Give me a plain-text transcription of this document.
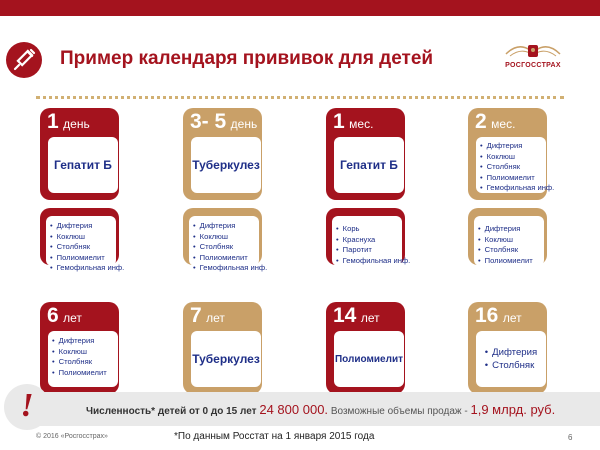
Пример календаря прививок для детей	РОСГОССТРАХ
1 день
Гепатит Б
3- 5 день
Туберкулез
1 мес.
Гепатит Б
2 мес.
• Дифтерия
• Коклюш
• Столбняк
• Полиомиелит
• Гемофильная инф.
• Дифтерия
• Коклюш
• Столбняк
• Полиомиелит
• Гемофильная инф.
• Дифтерия
• Коклюш
• Столбняк
• Полиомиелит
• Гемофильная инф.
• Корь
• Краснуха
• Паротит
• Гемофильная инф.
• Дифтерия
• Коклюш
• Столбняк
• Полиомиелит
6 лет
• Дифтерия
• Коклюш
• Столбняк
• Полиомиелит
7 лет
Туберкулез
14 лет
Полиомиелит
16 лет
• Дифтерия
• Столбняк
!	Численность* детей от 0 до 15 лет 24 800 000. Возможные объемы продаж - 1,9 млрд. руб.
© 2016 «Росгосстрах»	*По данным Росстат на 1 января 2015 года	6
